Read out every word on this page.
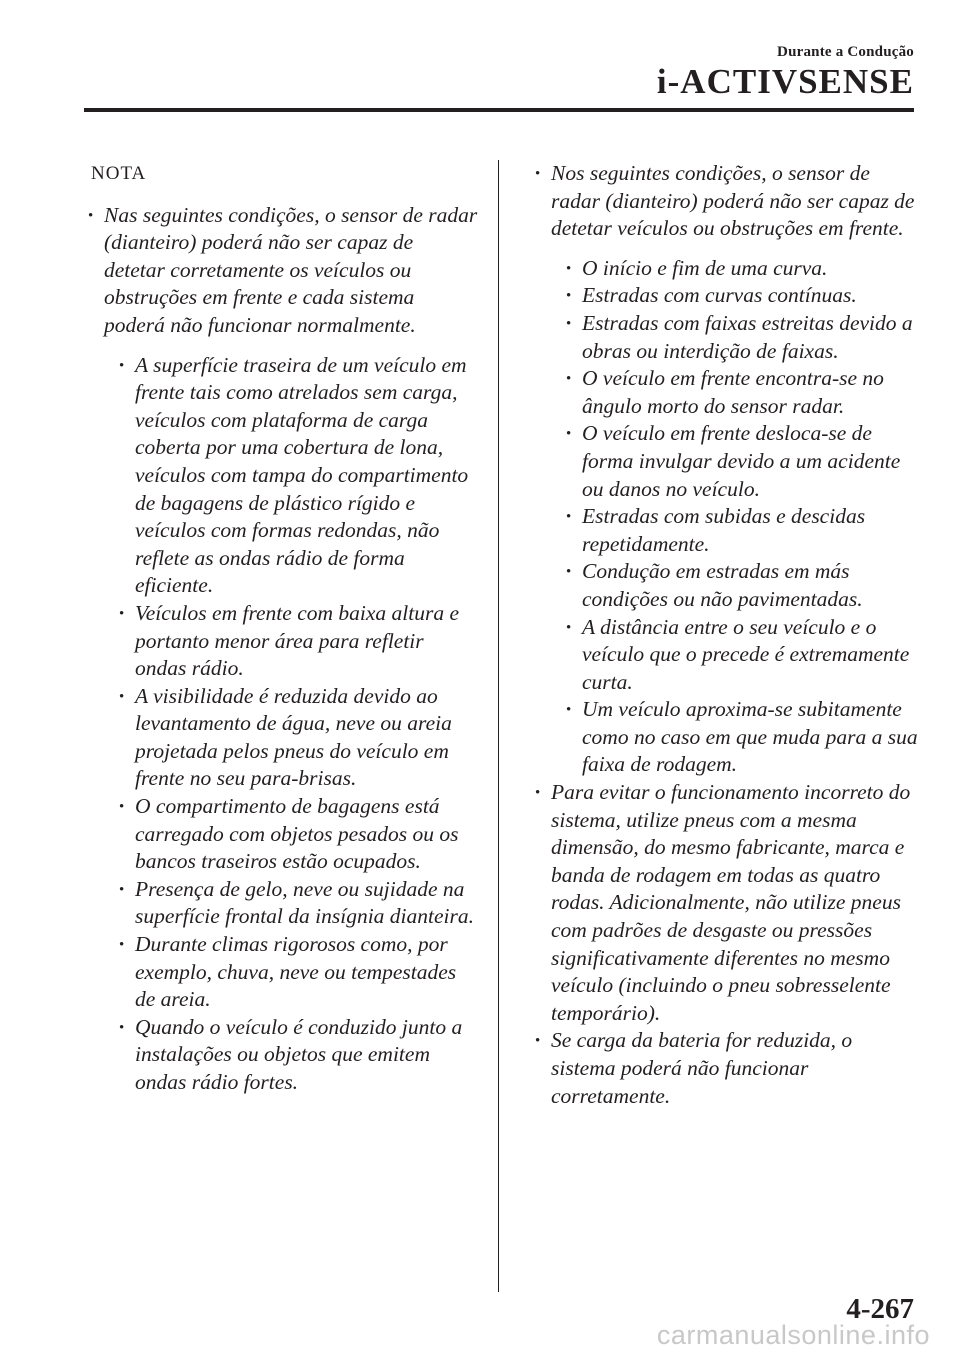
Durante a Condução
i-ACTIVSENSE
NOTA
• Nas seguintes condições, o sensor de radar (dianteiro) poderá não ser capaz de detetar corretamente os veículos ou obstruções em frente e cada sistema poderá não funcionar normalmente.
• A superfície traseira de um veículo em frente tais como atrelados sem carga, veículos com plataforma de carga coberta por uma cobertura de lona, veículos com tampa do compartimento de bagagens de plástico rígido e veículos com formas redondas, não reflete as ondas rádio de forma eficiente.
• Veículos em frente com baixa altura e portanto menor área para refletir ondas rádio.
• A visibilidade é reduzida devido ao levantamento de água, neve ou areia projetada pelos pneus do veículo em frente no seu para-brisas.
• O compartimento de bagagens está carregado com objetos pesados ou os bancos traseiros estão ocupados.
• Presença de gelo, neve ou sujidade na superfície frontal da insígnia dianteira.
• Durante climas rigorosos como, por exemplo, chuva, neve ou tempestades de areia.
• Quando o veículo é conduzido junto a instalações ou objetos que emitem ondas rádio fortes.
• Nos seguintes condições, o sensor de radar (dianteiro) poderá não ser capaz de detetar veículos ou obstruções em frente.
• O início e fim de uma curva.
• Estradas com curvas contínuas.
• Estradas com faixas estreitas devido a obras ou interdição de faixas.
• O veículo em frente encontra-se no ângulo morto do sensor radar.
• O veículo em frente desloca-se de forma invulgar devido a um acidente ou danos no veículo.
• Estradas com subidas e descidas repetidamente.
• Condução em estradas em más condições ou não pavimentadas.
• A distância entre o seu veículo e o veículo que o precede é extremamente curta.
• Um veículo aproxima-se subitamente como no caso em que muda para a sua faixa de rodagem.
• Para evitar o funcionamento incorreto do sistema, utilize pneus com a mesma dimensão, do mesmo fabricante, marca e banda de rodagem em todas as quatro rodas. Adicionalmente, não utilize pneus com padrões de desgaste ou pressões significativamente diferentes no mesmo veículo (incluindo o pneu sobresselente temporário).
• Se carga da bateria for reduzida, o sistema poderá não funcionar corretamente.
4-267
carmanualsonline.info
